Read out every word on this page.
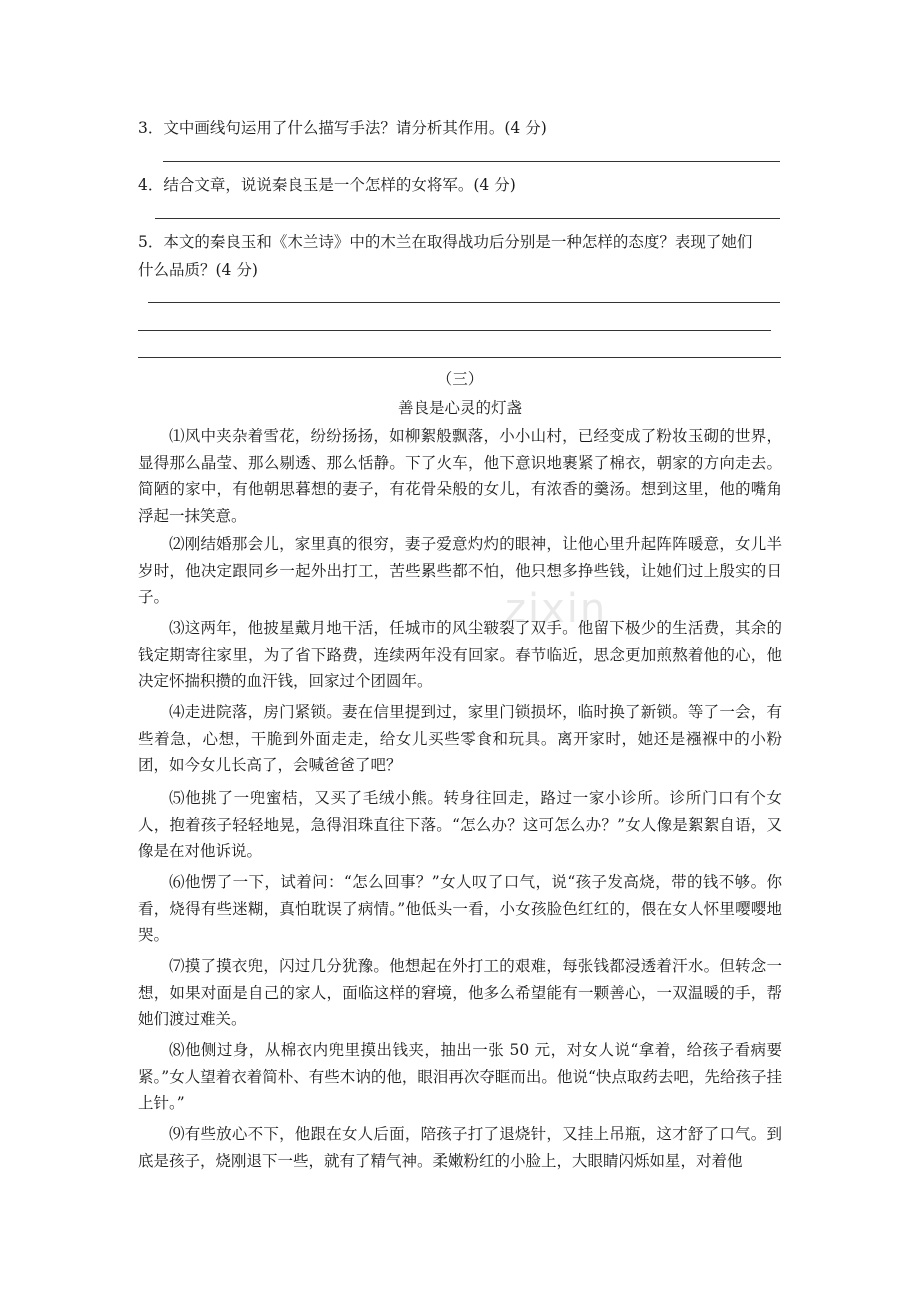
3．文中画线句运用了什么描写手法？请分析其作用。(4 分)
4．结合文章，说说秦良玉是一个怎样的女将军。(4 分)
5．本文的秦良玉和《木兰诗》中的木兰在取得战功后分别是一种怎样的态度？表现了她们
什么品质？(4 分)
（三）
善良是心灵的灯盏
zixin

⑴风中夹杂着雪花，纷纷扬扬，如柳絮般飘落，小小山村，已经变成了粉妆玉砌的世界，显得那么晶莹、那么剔透、那么恬静。下了火车，他下意识地裹紧了棉衣，朝家的方向走去。简陋的家中，有他朝思暮想的妻子，有花骨朵般的女儿，有浓香的羹汤。想到这里，他的嘴角浮起一抹笑意。

⑵刚结婚那会儿，家里真的很穷，妻子爱意灼灼的眼神，让他心里升起阵阵暖意，女儿半岁时，他决定跟同乡一起外出打工，苦些累些都不怕，他只想多挣些钱，让她们过上殷实的日子。

⑶这两年，他披星戴月地干活，任城市的风尘皲裂了双手。他留下极少的生活费，其余的钱定期寄往家里，为了省下路费，连续两年没有回家。春节临近，思念更加煎熬着他的心，他决定怀揣积攒的血汗钱，回家过个团圆年。

⑷走进院落，房门紧锁。妻在信里提到过，家里门锁损坏，临时换了新锁。等了一会，有些着急，心想，干脆到外面走走，给女儿买些零食和玩具。离开家时，她还是襁褓中的小粉团，如今女儿长高了，会喊爸爸了吧？

⑸他挑了一兜蜜桔，又买了毛绒小熊。转身往回走，路过一家小诊所。诊所门口有个女人，抱着孩子轻轻地晃，急得泪珠直往下落。“怎么办？这可怎么办？”女人像是絮絮自语，又像是在对他诉说。

⑹他愣了一下，试着问：“怎么回事？”女人叹了口气，说“孩子发高烧，带的钱不够。你看，烧得有些迷糊，真怕耽误了病情。”他低头一看，小女孩脸色红红的，偎在女人怀里嘤嘤地哭。

⑺摸了摸衣兜，闪过几分犹豫。他想起在外打工的艰难，每张钱都浸透着汗水。但转念一想，如果对面是自己的家人，面临这样的窘境，他多么希望能有一颗善心，一双温暖的手，帮她们渡过难关。

⑻他侧过身，从棉衣内兜里摸出钱夹，抽出一张 50 元，对女人说“拿着，给孩子看病要紧。”女人望着衣着简朴、有些木讷的他，眼泪再次夺眶而出。他说“快点取药去吧，先给孩子挂上针。”

⑼有些放心不下，他跟在女人后面，陪孩子打了退烧针，又挂上吊瓶，这才舒了口气。到底是孩子，烧刚退下一些，就有了精气神。柔嫩粉红的小脸上，大眼睛闪烁如星，对着他
